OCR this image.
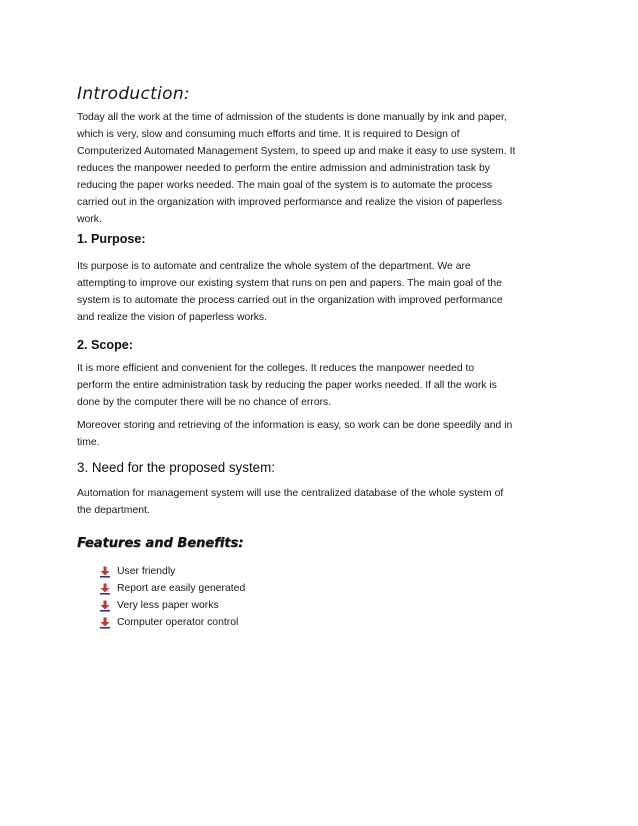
Introduction:

Today all the work at the time of admission of the students is done manually by ink and paper,
which is very, slow and consuming much efforts and time. It is required to Design of
Computerized Automated Management System, to speed up and make it easy to use system. It
reduces the manpower needed to perform the entire admission and administration task by
reducing the paper works needed. The main goal of the system is to automate the process
carried out in the organization with improved performance and realize the vision of paperless
work.

1. Purpose:

Its purpose is to automate and centralize the whole system of the department. We are
attempting to improve our existing system that runs on pen and papers. The main goal of the
system is to automate the process carried out in the organization with improved performance
and realize the vision of paperless works.

2. Scope:

It is more efficient and convenient for the colleges. It reduces the manpower needed to
perform the entire administration task by reducing the paper works needed. If all the work is
done by the computer there will be no chance of errors.

Moreover storing and retrieving of the information is easy, so work can be done speedily and in
time.

3. Need for the proposed system:

Automation for management system will use the centralized database of the whole system of
the department.

Features and Benefits:
User friendly
Report are easily generated
Very less paper works
Computer operator control
